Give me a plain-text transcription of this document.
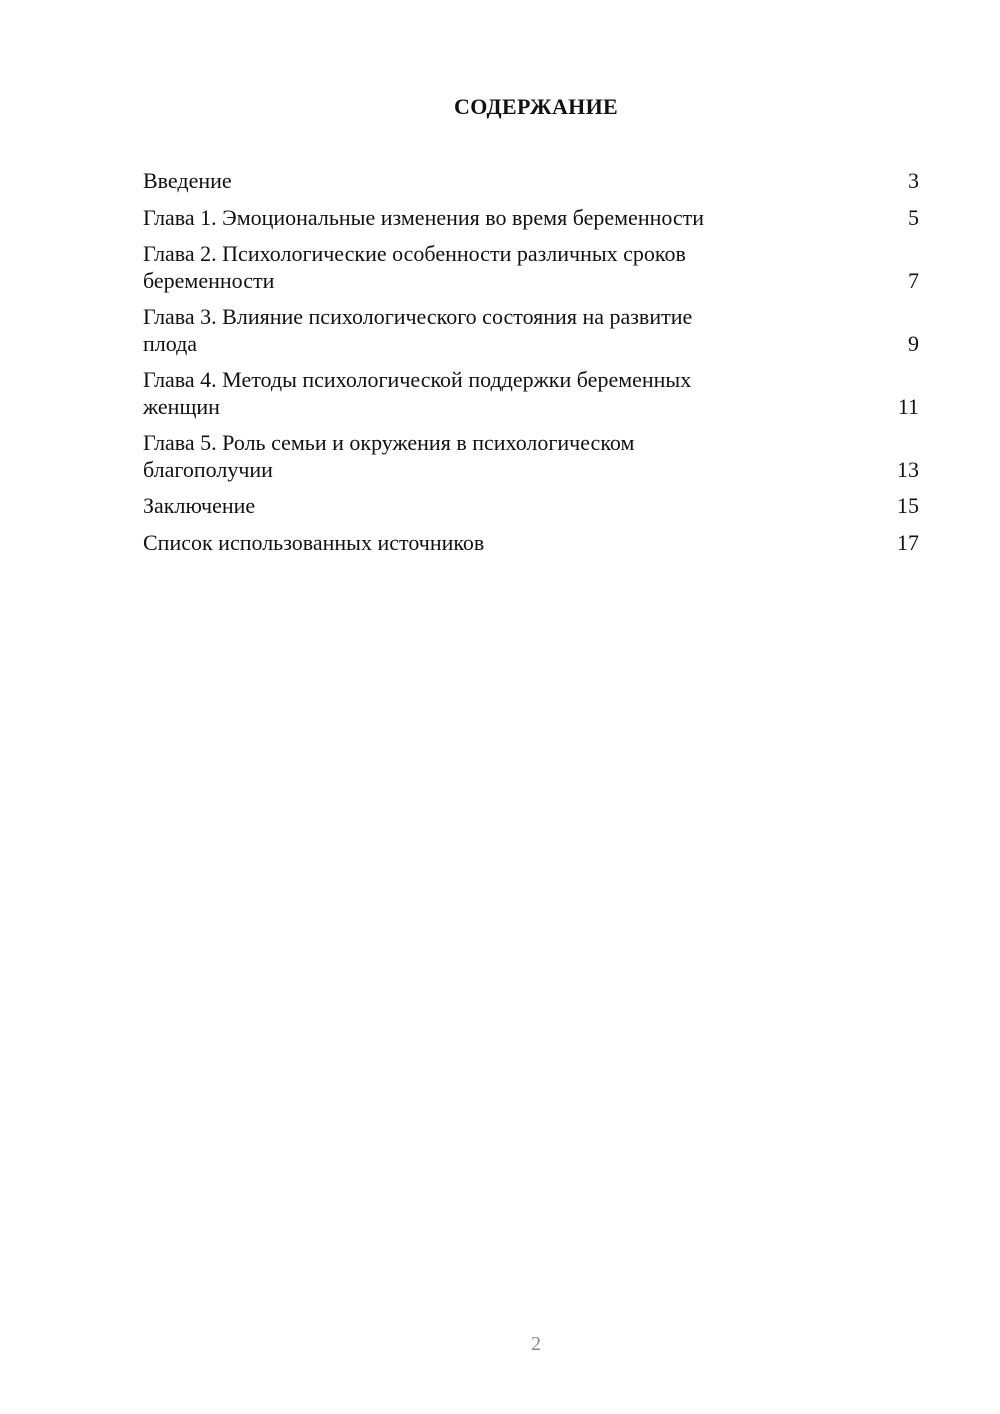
СОДЕРЖАНИЕ
Введение	3
Глава 1. Эмоциональные изменения во время беременности	5
Глава 2. Психологические особенности различных сроков
беременности	7
Глава 3. Влияние психологического состояния на развитие
плода	9
Глава 4. Методы психологической поддержки беременных
женщин	11
Глава 5. Роль семьи и окружения в психологическом
благополучии	13
Заключение	15
Список использованных источников	17
2
